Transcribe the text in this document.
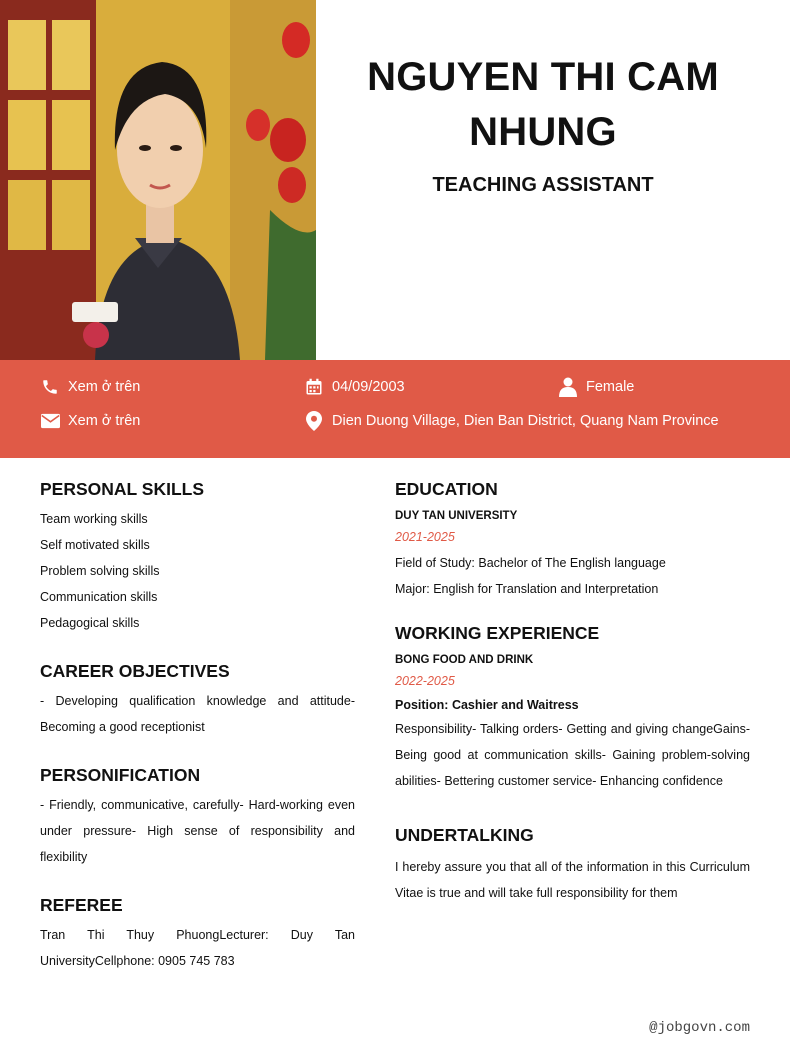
NGUYEN THI CAM NHUNG
TEACHING ASSISTANT
Xem ở trên
Xem ở trên
04/09/2003
Dien Duong Village, Dien Ban District, Quang Nam Province
Female
PERSONAL SKILLS
Team working skills
Self motivated skills
Problem solving skills
Communication skills
Pedagogical skills
CAREER OBJECTIVES
- Developing qualification knowledge and attitude- Becoming a good receptionist
PERSONIFICATION
- Friendly, communicative, carefully- Hard-working even under pressure- High sense of responsibility and flexibility
REFEREE
Tran Thi Thuy PhuongLecturer: Duy Tan UniversityCellphone: 0905 745 783
EDUCATION
DUY TAN UNIVERSITY
2021-2025
Field of Study: Bachelor of The English language
Major: English for Translation and Interpretation
WORKING EXPERIENCE
BONG FOOD AND DRINK
2022-2025
Position: Cashier and Waitress
Responsibility- Talking orders- Getting and giving changeGains- Being good at communication skills- Gaining problem-solving abilities- Bettering customer service- Enhancing confidence
UNDERTALKING
I hereby assure you that all of the information in this Curriculum Vitae is true and will take full responsibility for them
@jobgovn.com
